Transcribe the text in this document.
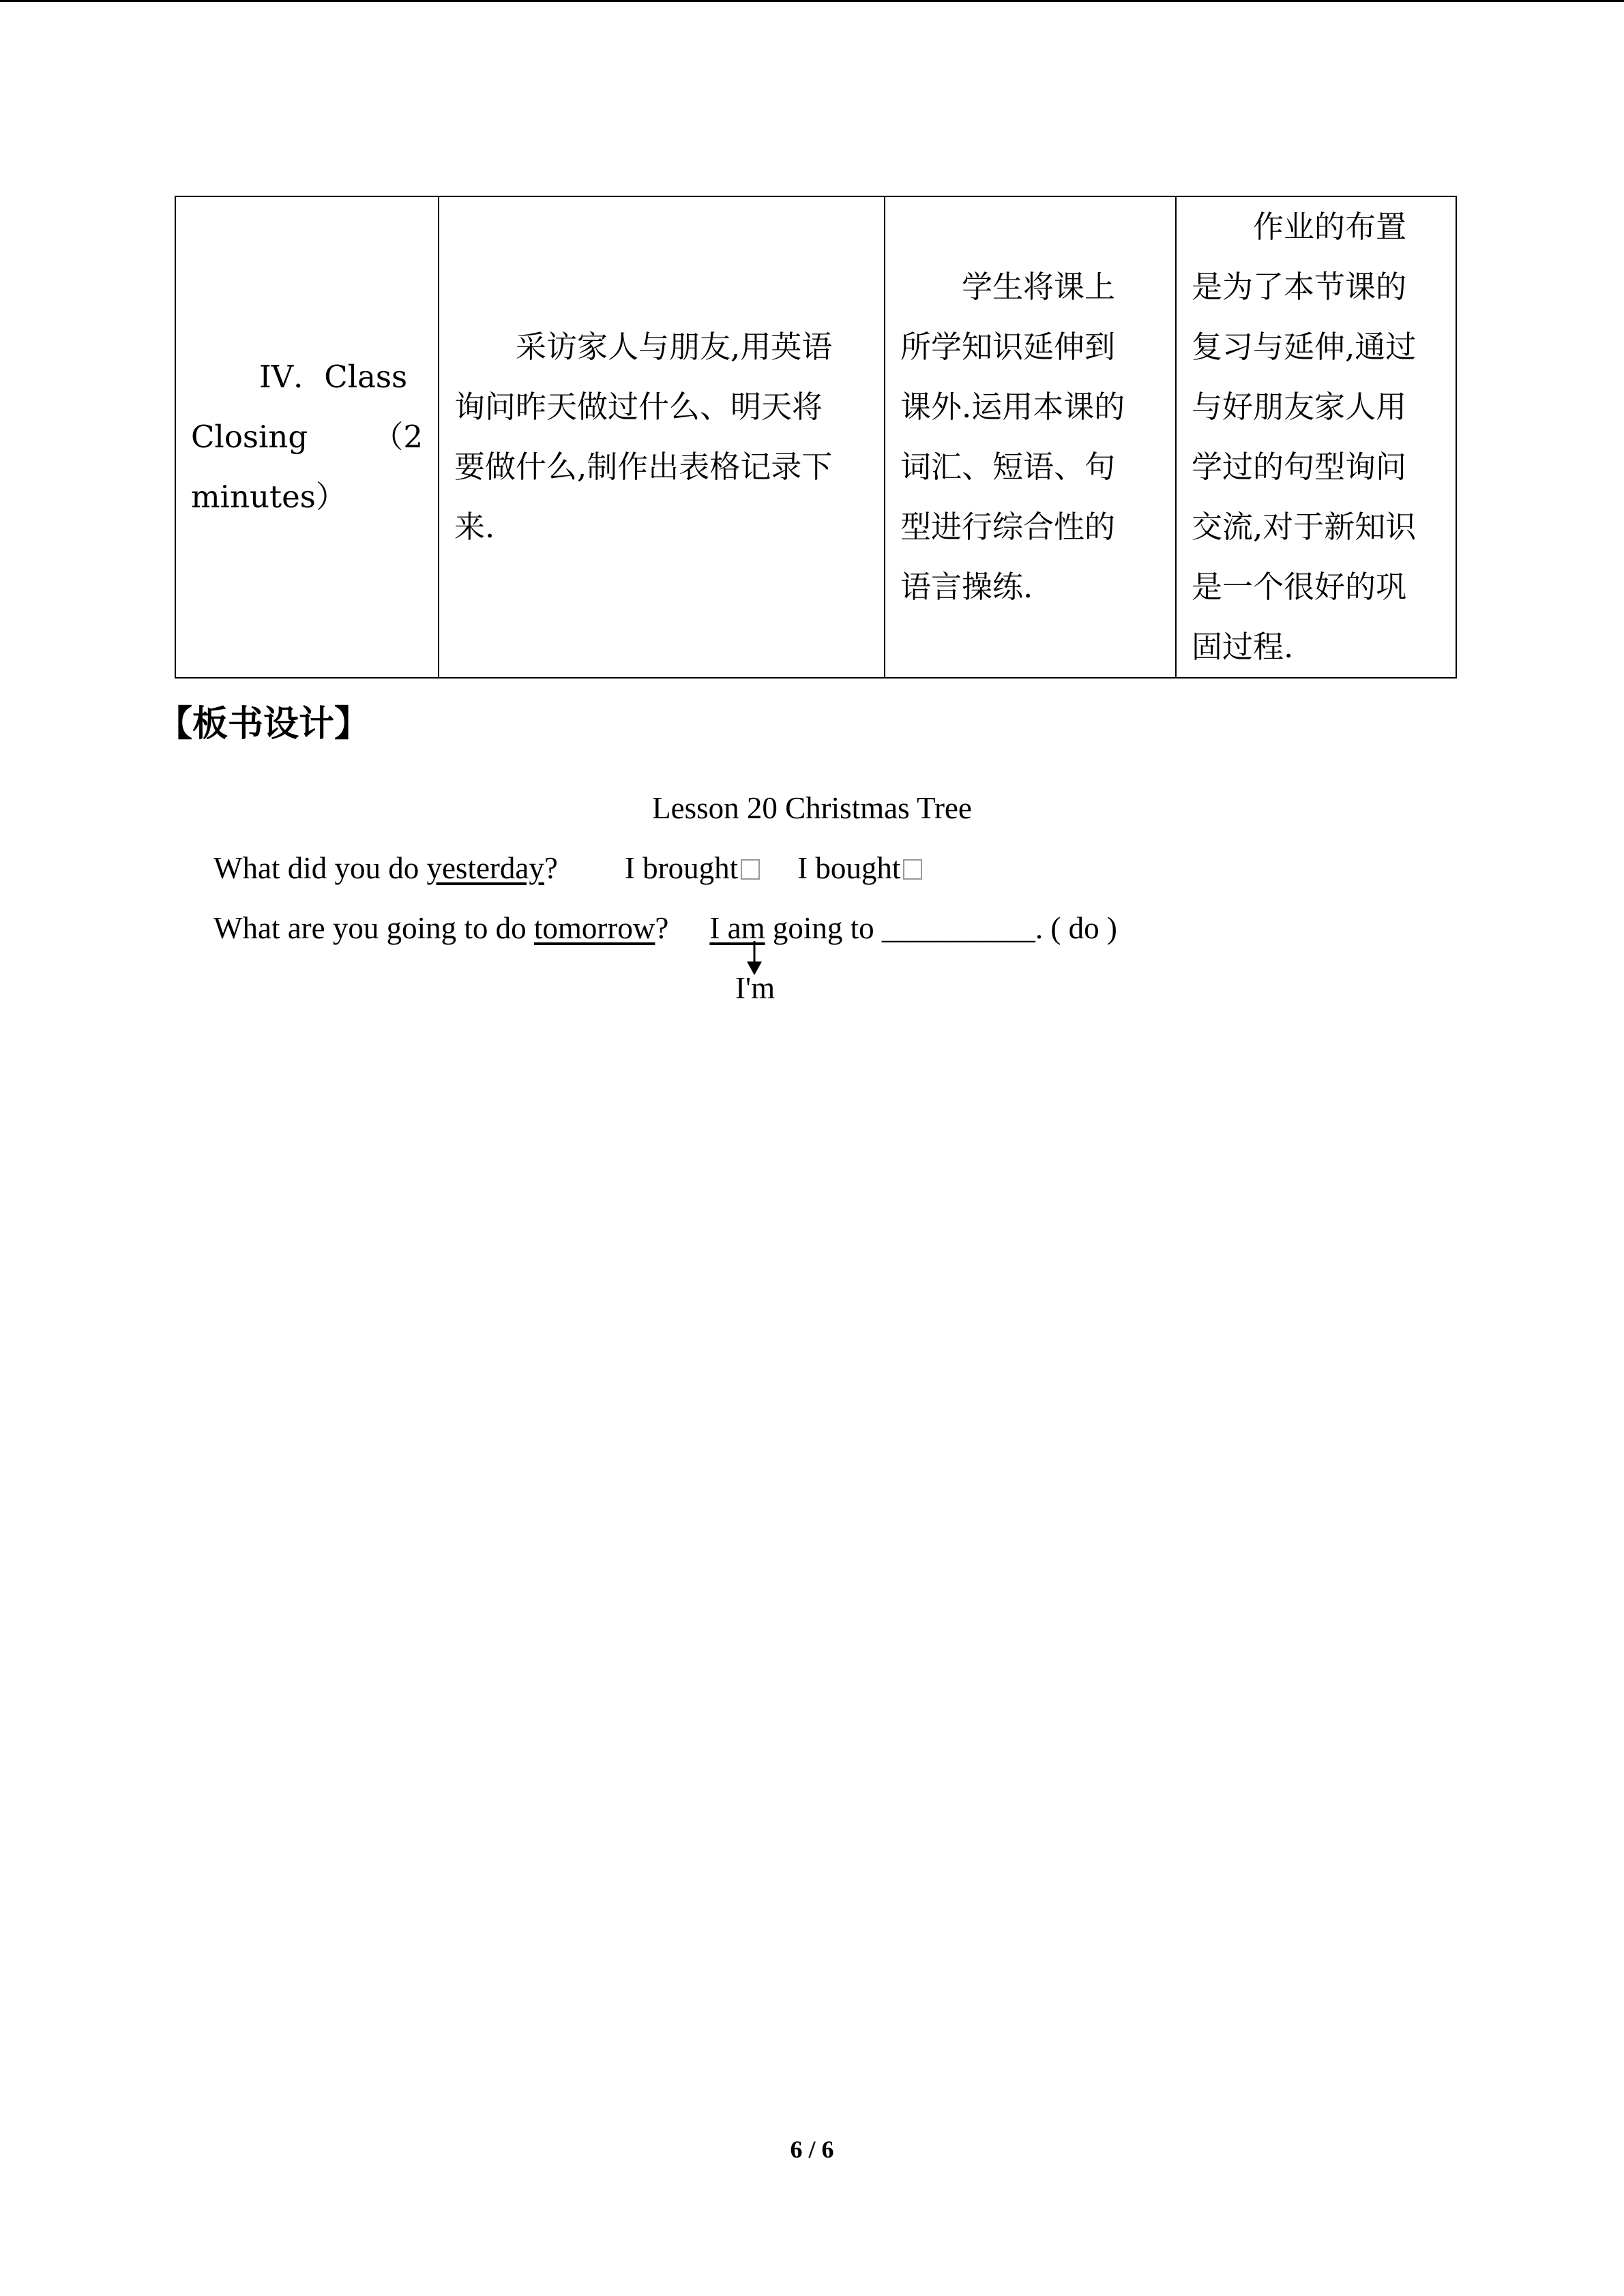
IV．Class
Closing （2
minutes）

采访家人与朋友,用英语
询问昨天做过什么、明天将
要做什么,制作出表格记录下
来.

学生将课上
所学知识延伸到
课外.运用本课的
词汇、短语、句
型进行综合性的
语言操练.

作业的布置
是为了本节课的
复习与延伸,通过
与好朋友家人用
学过的句型询问
交流,对于新知识
是一个很好的巩
固过程.
【板书设计】
Lesson 20 Christmas Tree
What did you do yesterday? I brought I bought
What are you going to do tomorrow? I am going to __________. ( do )
I'm
6 / 6
